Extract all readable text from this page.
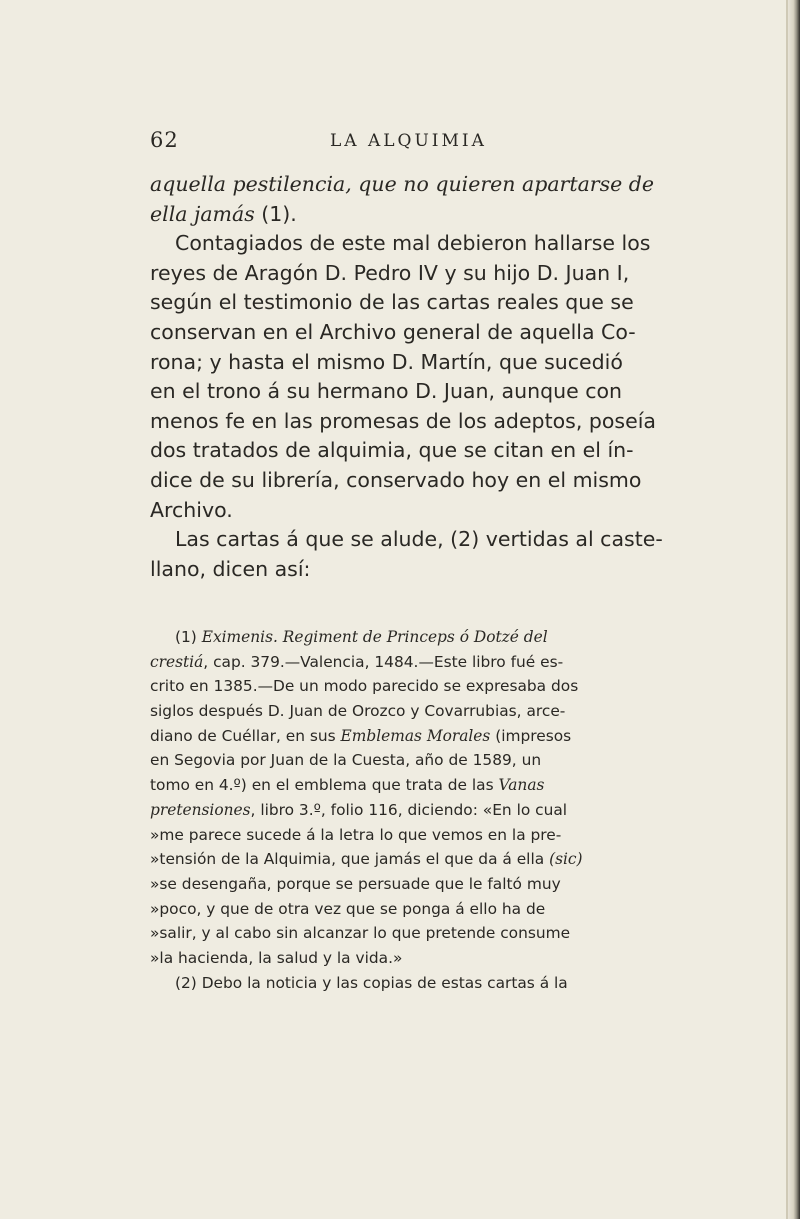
62	LA ALQUIMIA
aquella pestilencia, que no quieren apartarse de
ella jamás (1).
Contagiados de este mal debieron hallarse los
reyes de Aragón D. Pedro IV y su hijo D. Juan I,
según el testimonio de las cartas reales que se
conservan en el Archivo general de aquella Co-
rona; y hasta el mismo D. Martín, que sucedió
en el trono á su hermano D. Juan, aunque con
menos fe en las promesas de los adeptos, poseía
dos tratados de alquimia, que se citan en el ín-
dice de su librería, conservado hoy en el mismo
Archivo.
Las cartas á que se alude, (2) vertidas al caste-
llano, dicen así:
(1) Eximenis. Regiment de Princeps ó Dotzé del
crestiá, cap. 379.—Valencia, 1484.—Este libro fué es-
crito en 1385.—De un modo parecido se expresaba dos
siglos después D. Juan de Orozco y Covarrubias, arce-
diano de Cuéllar, en sus Emblemas Morales (impresos
en Segovia por Juan de la Cuesta, año de 1589, un
tomo en 4.º) en el emblema que trata de las Vanas
pretensiones, libro 3.º, folio 116, diciendo: «En lo cual
»me parece sucede á la letra lo que vemos en la pre-
»tensión de la Alquimia, que jamás el que da á ella (sic)
»se desengaña, porque se persuade que le faltó muy
»poco, y que de otra vez que se ponga á ello ha de
»salir, y al cabo sin alcanzar lo que pretende consume
»la hacienda, la salud y la vida.»
(2) Debo la noticia y las copias de estas cartas á la
